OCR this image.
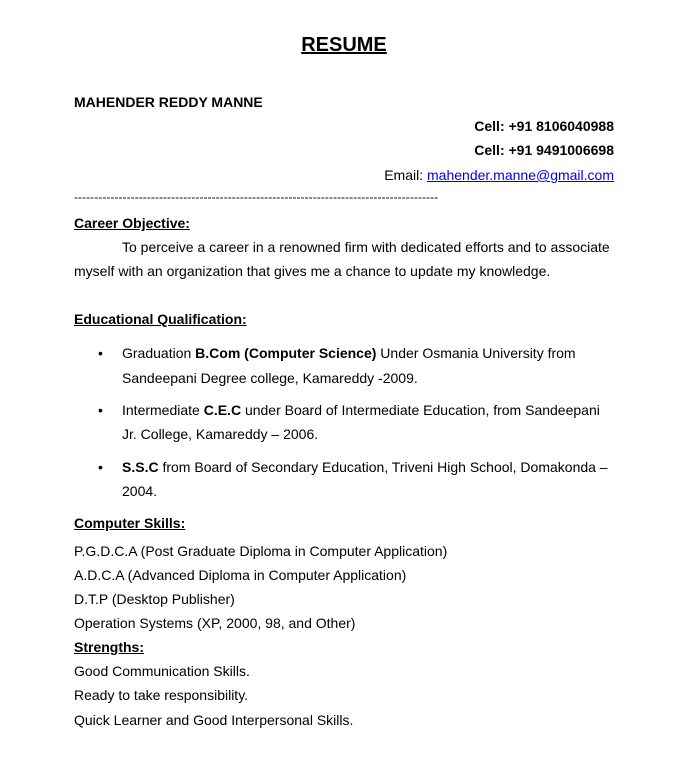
RESUME
MAHENDER REDDY MANNE
Cell: +91 8106040988
Cell: +91 9491006698
Email: mahender.manne@gmail.com
------------------------------------------------------------------------------------------
Career Objective:
To perceive a career in a renowned firm with dedicated efforts and to associate
myself with an organization that gives me a chance to update my knowledge.
Educational Qualification:
• Graduation B.Com (Computer Science) Under Osmania University from
Sandeepani Degree college, Kamareddy -2009.
• Intermediate C.E.C under Board of Intermediate Education, from Sandeepani
Jr. College, Kamareddy – 2006.
• S.S.C from Board of Secondary Education, Triveni High School, Domakonda –
2004.
Computer Skills:
P.G.D.C.A (Post Graduate Diploma in Computer Application)
A.D.C.A (Advanced Diploma in Computer Application)
D.T.P (Desktop Publisher)
Operation Systems (XP, 2000, 98, and Other)
Strengths:
Good Communication Skills.
Ready to take responsibility.
Quick Learner and Good Interpersonal Skills.
